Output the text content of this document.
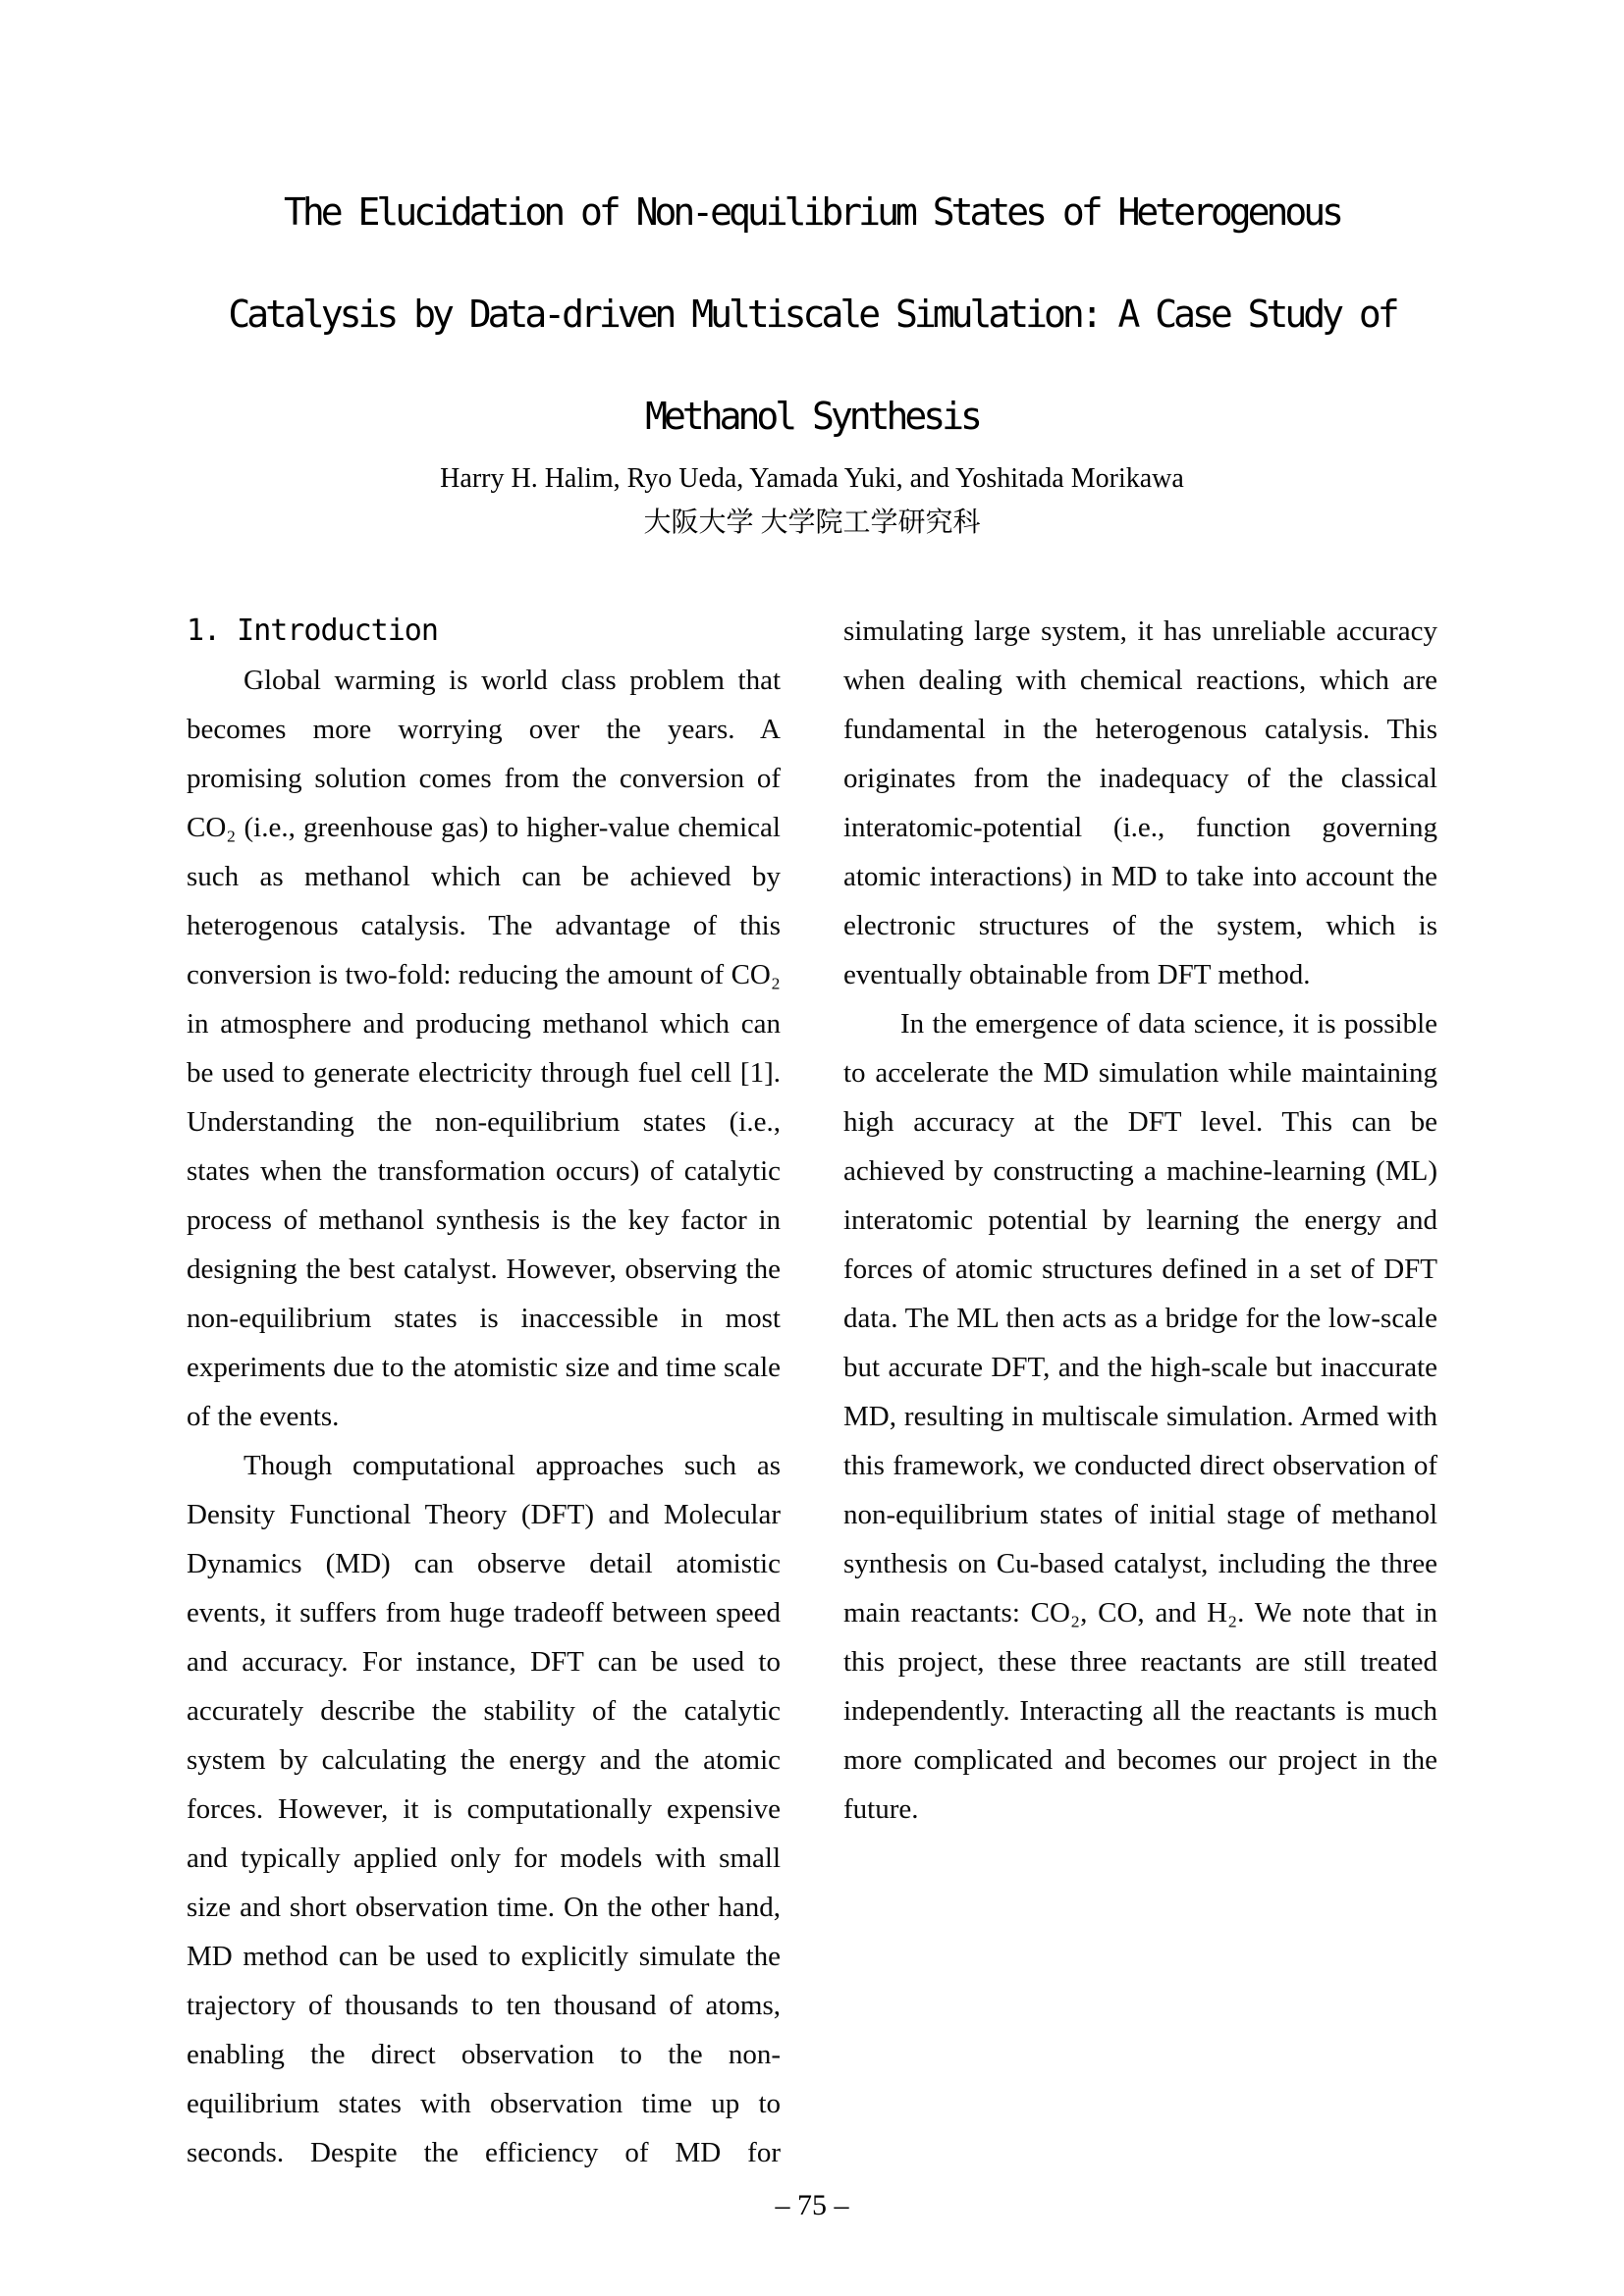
The Elucidation of Non-equilibrium States of Heterogenous
Catalysis by Data-driven Multiscale Simulation: A Case Study of
Methanol Synthesis
Harry H. Halim, Ryo Ueda, Yamada Yuki, and Yoshitada Morikawa
大阪大学 大学院工学研究科
1. Introduction

Global warming is world class problem that becomes more worrying over the years. A promising solution comes from the conversion of CO₂ (i.e., greenhouse gas) to higher-value chemical such as methanol which can be achieved by heterogenous catalysis. The advantage of this conversion is two-fold: reducing the amount of CO₂ in atmosphere and producing methanol which can be used to generate electricity through fuel cell [1]. Understanding the non-equilibrium states (i.e., states when the transformation occurs) of catalytic process of methanol synthesis is the key factor in designing the best catalyst. However, observing the non-equilibrium states is inaccessible in most experiments due to the atomistic size and time scale of the events.

Though computational approaches such as Density Functional Theory (DFT) and Molecular Dynamics (MD) can observe detail atomistic events, it suffers from huge tradeoff between speed and accuracy. For instance, DFT can be used to accurately describe the stability of the catalytic system by calculating the energy and the atomic forces. However, it is computationally expensive and typically applied only for models with small size and short observation time. On the other hand, MD method can be used to explicitly simulate the trajectory of thousands to ten thousand of atoms, enabling the direct observation to the non-equilibrium states with observation time up to seconds. Despite the efficiency of MD for simulating large system, it has unreliable accuracy when dealing with chemical reactions, which are fundamental in the heterogenous catalysis. This originates from the inadequacy of the classical interatomic-potential (i.e., function governing atomic interactions) in MD to take into account the electronic structures of the system, which is eventually obtainable from DFT method.

In the emergence of data science, it is possible to accelerate the MD simulation while maintaining high accuracy at the DFT level. This can be achieved by constructing a machine-learning (ML) interatomic potential by learning the energy and forces of atomic structures defined in a set of DFT data. The ML then acts as a bridge for the low-scale but accurate DFT, and the high-scale but inaccurate MD, resulting in multiscale simulation. Armed with this framework, we conducted direct observation of non-equilibrium states of initial stage of methanol synthesis on Cu-based catalyst, including the three main reactants: CO₂, CO, and H₂. We note that in this project, these three reactants are still treated independently. Interacting all the reactants is much more complicated and becomes our project in the future.

– 75 –
